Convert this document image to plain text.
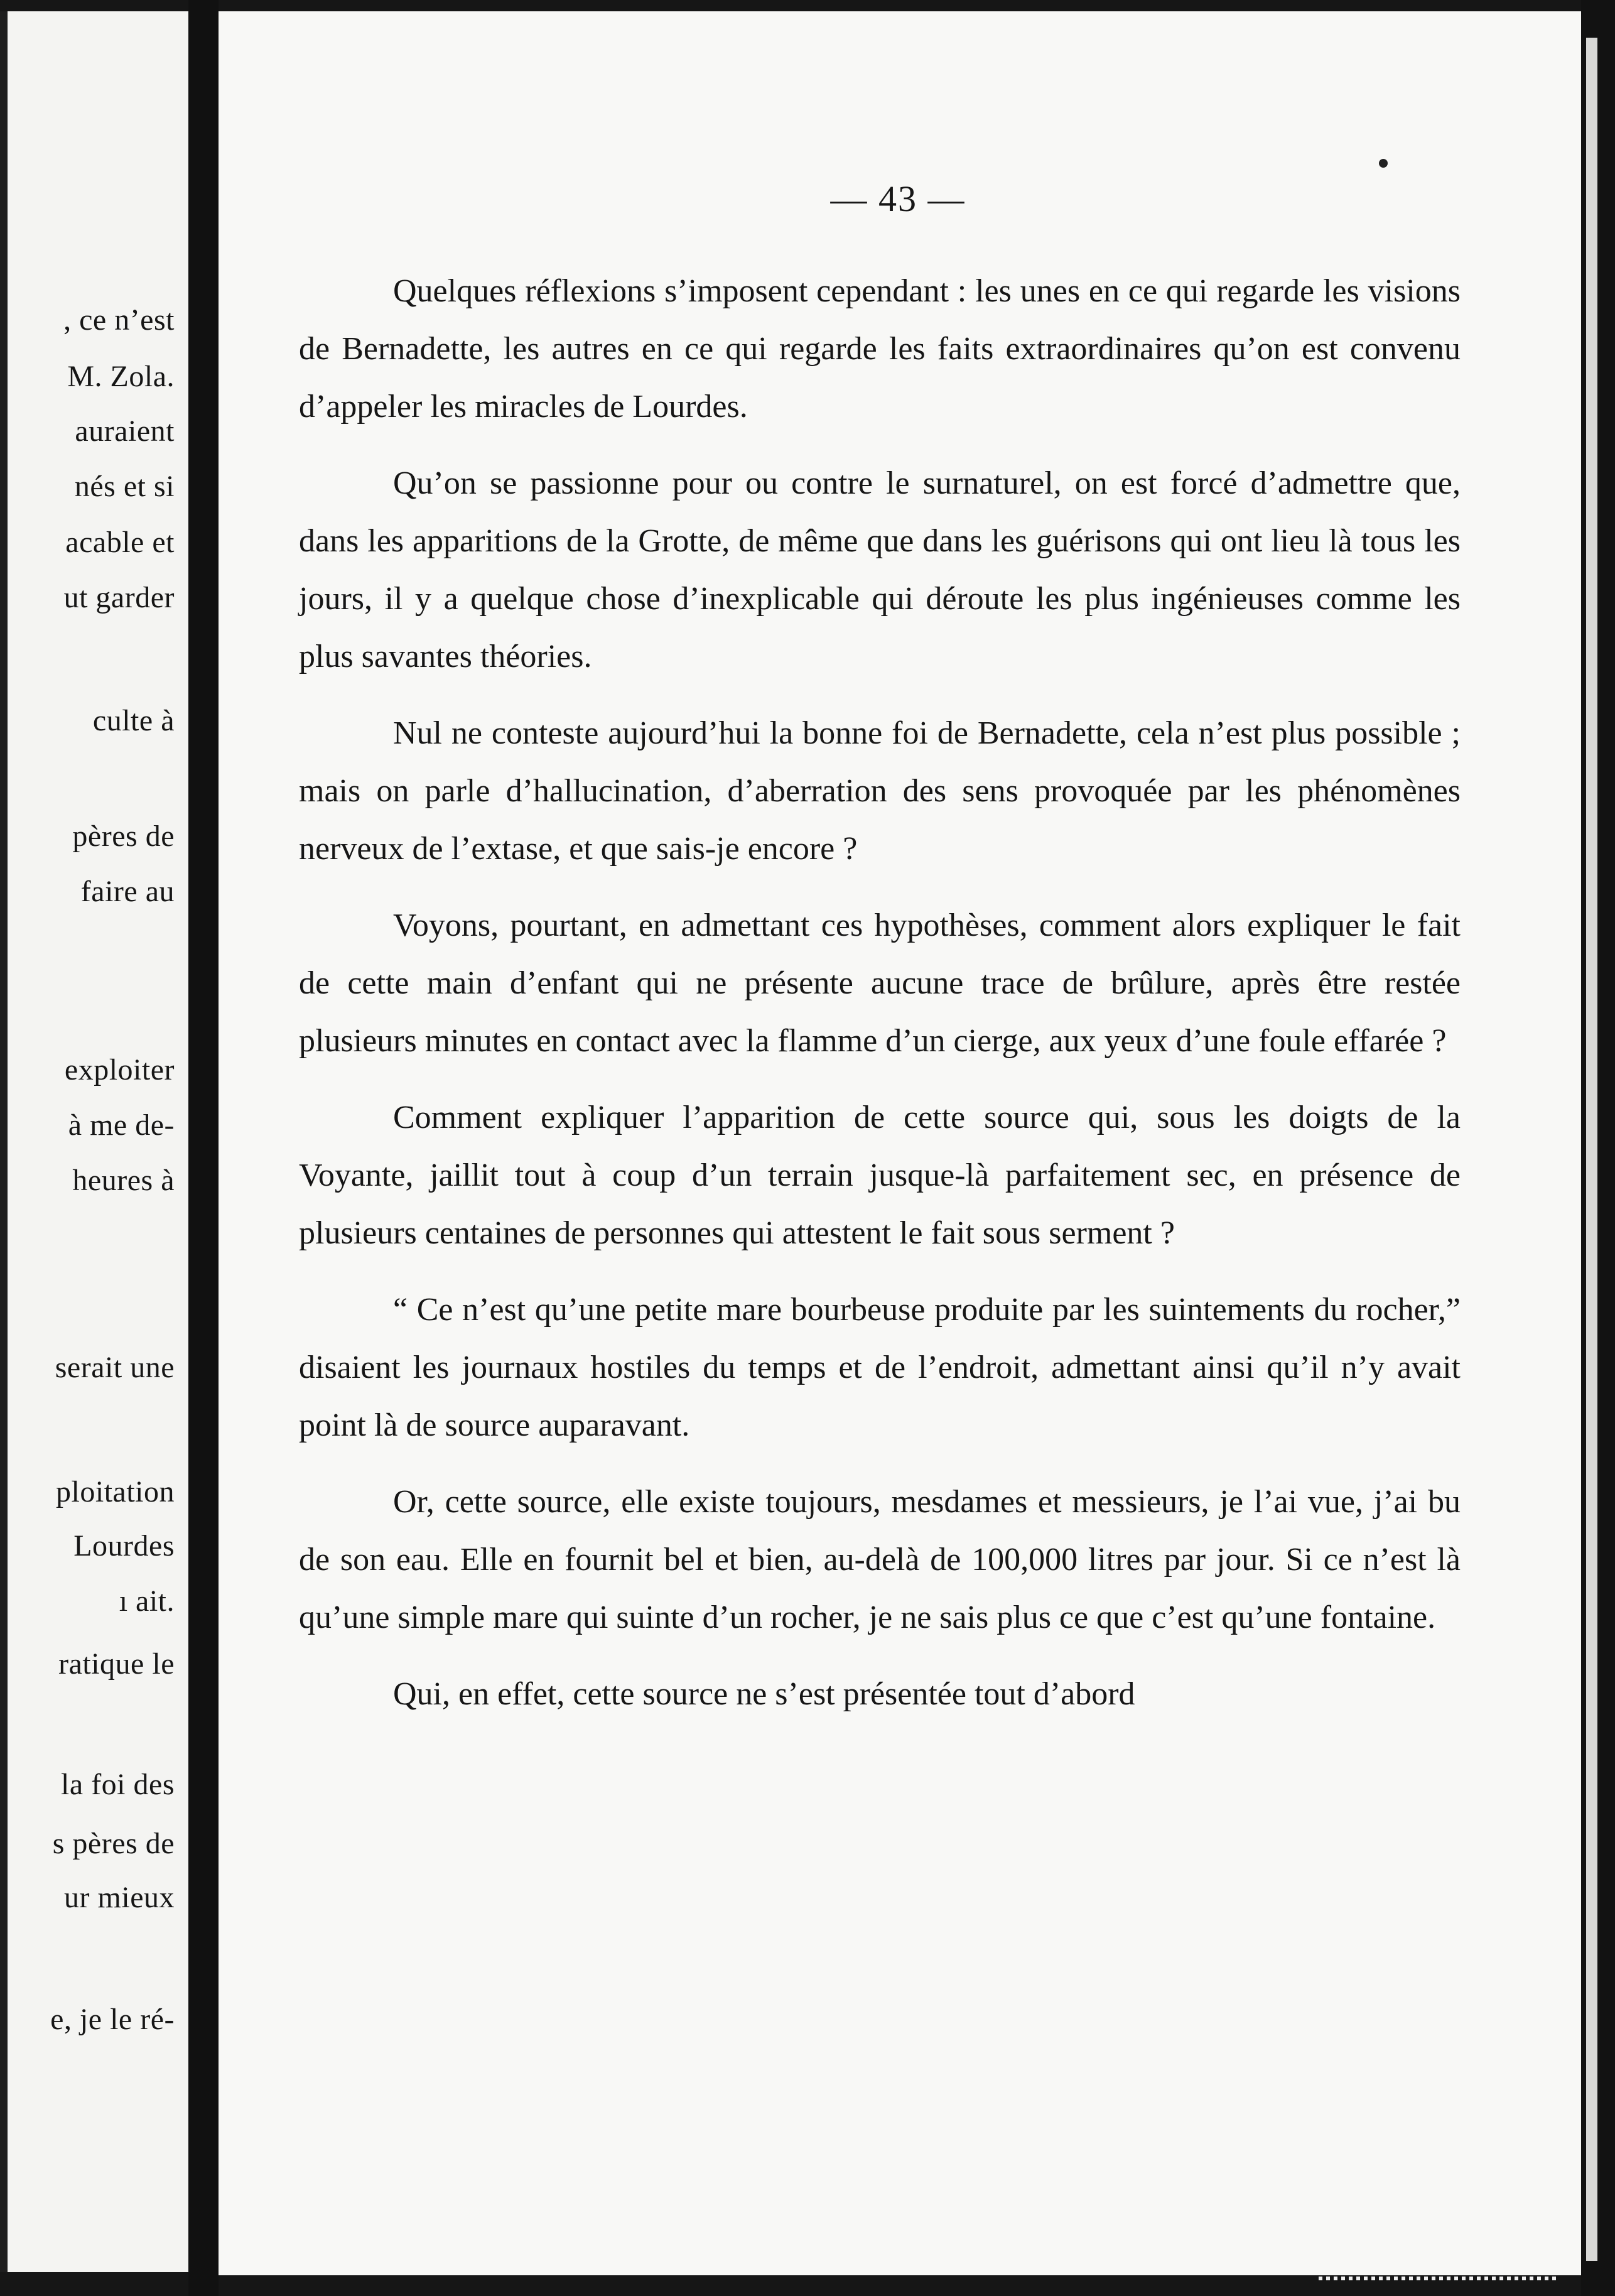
, ce n’est
M. Zola.
auraient
nés et si
acable et
ut garder
culte à
pères de
faire au
exploiter
à me de-
heures à
serait une
ploitation
Lourdes
ı ait.
ratique le
la foi des
s pères de
ur mieux
e, je le ré-
— 43 —

Quelques réflexions s’imposent cependant : les unes en ce qui regarde les visions de Bernadette, les autres en ce qui regarde les faits extraordinaires qu’on est convenu d’appeler les miracles de Lourdes.

Qu’on se passionne pour ou contre le surnaturel, on est forcé d’admettre que, dans les apparitions de la Grotte, de même que dans les guérisons qui ont lieu là tous les jours, il y a quelque chose d’inexplicable qui déroute les plus ingénieuses comme les plus savantes théories.

Nul ne conteste aujourd’hui la bonne foi de Bernadette, cela n’est plus possible ; mais on parle d’hallucination, d’aberration des sens provoquée par les phénomènes nerveux de l’extase, et que sais-je encore ?

Voyons, pourtant, en admettant ces hypothèses, comment alors expliquer le fait de cette main d’enfant qui ne présente aucune trace de brûlure, après être restée plusieurs minutes en contact avec la flamme d’un cierge, aux yeux d’une foule effarée ?

Comment expliquer l’apparition de cette source qui, sous les doigts de la Voyante, jaillit tout à coup d’un terrain jusque-là parfaitement sec, en présence de plusieurs centaines de personnes qui attestent le fait sous serment ?

“ Ce n’est qu’une petite mare bourbeuse produite par les suintements du rocher,” disaient les journaux hostiles du temps et de l’endroit, admettant ainsi qu’il n’y avait point là de source auparavant.

Or, cette source, elle existe toujours, mesdames et messieurs, je l’ai vue, j’ai bu de son eau. Elle en fournit bel et bien, au-delà de 100,000 litres par jour. Si ce n’est là qu’une simple mare qui suinte d’un rocher, je ne sais plus ce que c’est qu’une fontaine.

Qui, en effet, cette source ne s’est présentée tout d’abord
